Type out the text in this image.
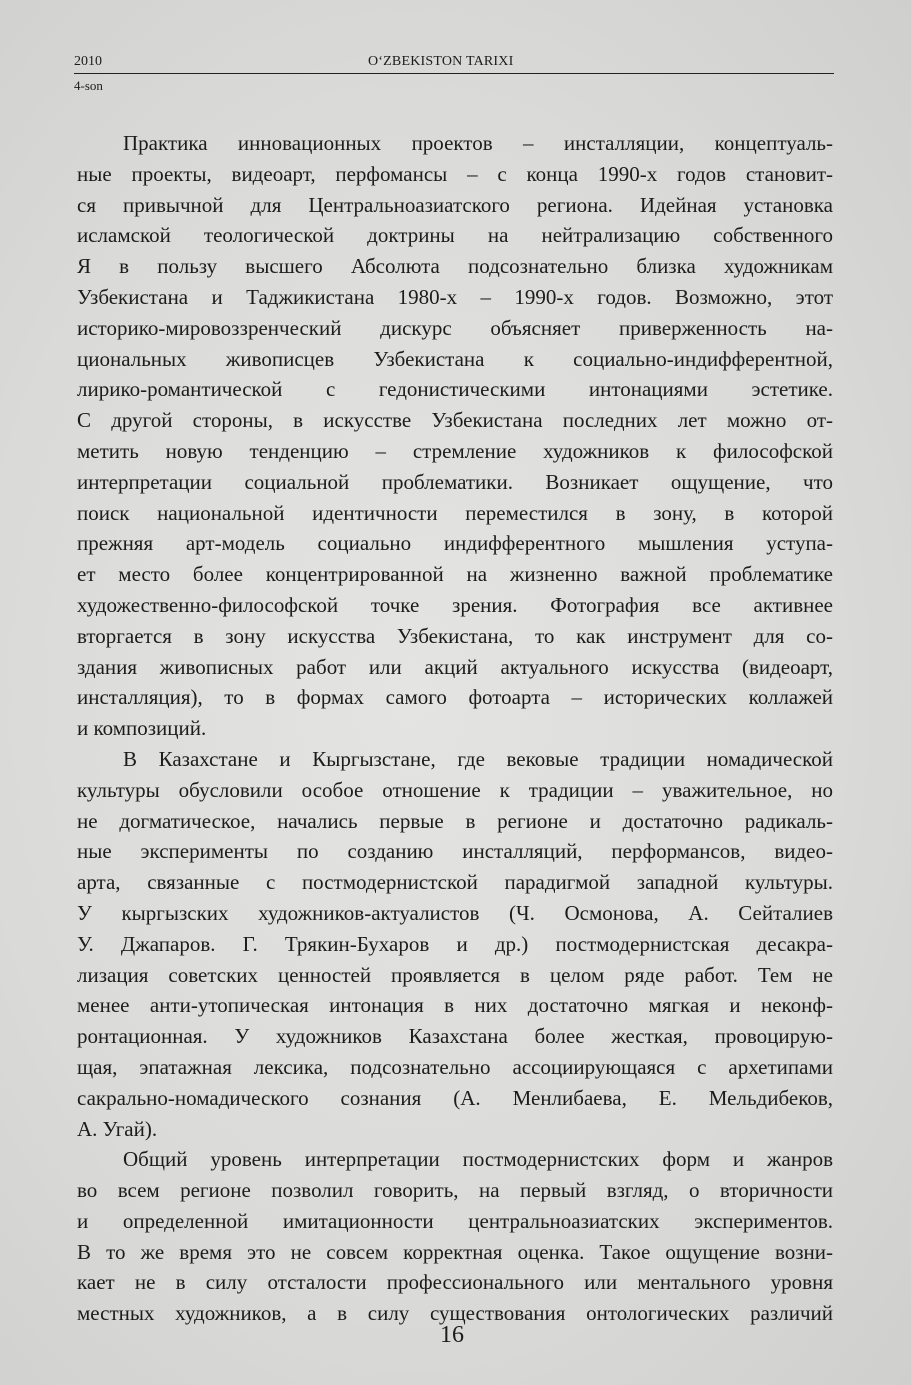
2010	O‘ZBEKISTON TARIXI
4-son

Практика инновационных проектов – инсталляции, концептуаль-
ные проекты, видеоарт, перфомансы – с конца 1990-х годов становит-
ся привычной для Центральноазиатского региона. Идейная установка
исламской теологической доктрины на нейтрализацию собственного
Я в пользу высшего Абсолюта подсознательно близка художникам
Узбекистана и Таджикистана 1980-х – 1990-х годов. Возможно, этот
историко-мировоззренческий дискурс объясняет приверженность на-
циональных живописцев Узбекистана к социально-индифферентной,
лирико-романтической с гедонистическими интонациями эстетике.
С другой стороны, в искусстве Узбекистана последних лет можно от-
метить новую тенденцию – стремление художников к философской
интерпретации социальной проблематики. Возникает ощущение, что
поиск национальной идентичности переместился в зону, в которой
прежняя арт-модель социально индифферентного мышления уступа-
ет место более концентрированной на жизненно важной проблематике
художественно-философской точке зрения. Фотография все активнее
вторгается в зону искусства Узбекистана, то как инструмент для со-
здания живописных работ или акций актуального искусства (видеоарт,
инсталляция), то в формах самого фотоарта – исторических коллажей
и композиций.

В Казахстане и Кыргызстане, где вековые традиции номадической
культуры обусловили особое отношение к традиции – уважительное, но
не догматическое, начались первые в регионе и достаточно радикаль-
ные эксперименты по созданию инсталляций, перформансов, видео-
арта, связанные с постмодернистской парадигмой западной культуры.
У кыргызских художников-актуалистов (Ч. Осмонова, А. Сейталиев
У. Джапаров. Г. Трякин-Бухаров и др.) постмодернистская десакра-
лизация советских ценностей проявляется в целом ряде работ. Тем не
менее анти-утопическая интонация в них достаточно мягкая и неконф-
ронтационная. У художников Казахстана более жесткая, провоцирую-
щая, эпатажная лексика, подсознательно ассоциирующаяся с архетипами
сакрально-номадического сознания (А. Менлибаева, Е. Мельдибеков,
А. Угай).

Общий уровень интерпретации постмодернистских форм и жанров
во всем регионе позволил говорить, на первый взгляд, о вторичности
и определенной имитационности центральноазиатских экспериментов.
В то же время это не совсем корректная оценка. Такое ощущение возни-
кает не в силу отсталости профессионального или ментального уровня
местных художников, а в силу существования онтологических различий

16
